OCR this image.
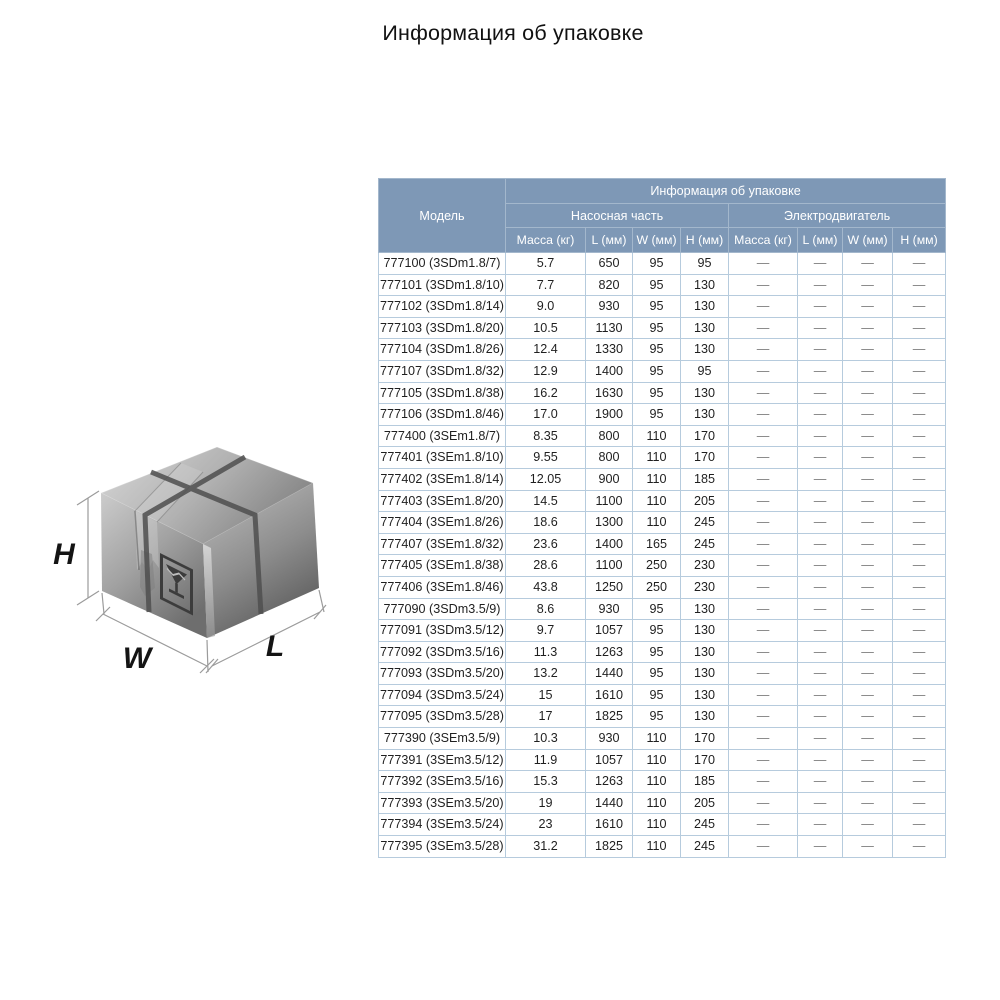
Информация об упаковке
H
W	L
Модель	Информация об упаковке							
	Насосная часть				Электродвигатель			
	Масса (кг)	L (мм)	W (мм)	H (мм)	Масса (кг)	L (мм)	W (мм)	H (мм)
777100 (3SDm1.8/7)	5.7	650	95	95	—	—	—	—
777101 (3SDm1.8/10)	7.7	820	95	130	—	—	—	—
777102 (3SDm1.8/14)	9.0	930	95	130	—	—	—	—
777103 (3SDm1.8/20)	10.5	1130	95	130	—	—	—	—
777104 (3SDm1.8/26)	12.4	1330	95	130	—	—	—	—
777107 (3SDm1.8/32)	12.9	1400	95	95	—	—	—	—
777105 (3SDm1.8/38)	16.2	1630	95	130	—	—	—	—
777106 (3SDm1.8/46)	17.0	1900	95	130	—	—	—	—
777400 (3SEm1.8/7)	8.35	800	110	170	—	—	—	—
777401 (3SEm1.8/10)	9.55	800	110	170	—	—	—	—
777402 (3SEm1.8/14)	12.05	900	110	185	—	—	—	—
777403 (3SEm1.8/20)	14.5	1100	110	205	—	—	—	—
777404 (3SEm1.8/26)	18.6	1300	110	245	—	—	—	—
777407 (3SEm1.8/32)	23.6	1400	165	245	—	—	—	—
777405 (3SEm1.8/38)	28.6	1100	250	230	—	—	—	—
777406 (3SEm1.8/46)	43.8	1250	250	230	—	—	—	—
777090 (3SDm3.5/9)	8.6	930	95	130	—	—	—	—
777091 (3SDm3.5/12)	9.7	1057	95	130	—	—	—	—
777092 (3SDm3.5/16)	11.3	1263	95	130	—	—	—	—
777093 (3SDm3.5/20)	13.2	1440	95	130	—	—	—	—
777094 (3SDm3.5/24)	15	1610	95	130	—	—	—	—
777095 (3SDm3.5/28)	17	1825	95	130	—	—	—	—
777390 (3SEm3.5/9)	10.3	930	110	170	—	—	—	—
777391 (3SEm3.5/12)	11.9	1057	110	170	—	—	—	—
777392 (3SEm3.5/16)	15.3	1263	110	185	—	—	—	—
777393 (3SEm3.5/20)	19	1440	110	205	—	—	—	—
777394 (3SEm3.5/24)	23	1610	110	245	—	—	—	—
777395 (3SEm3.5/28)	31.2	1825	110	245	—	—	—	—
